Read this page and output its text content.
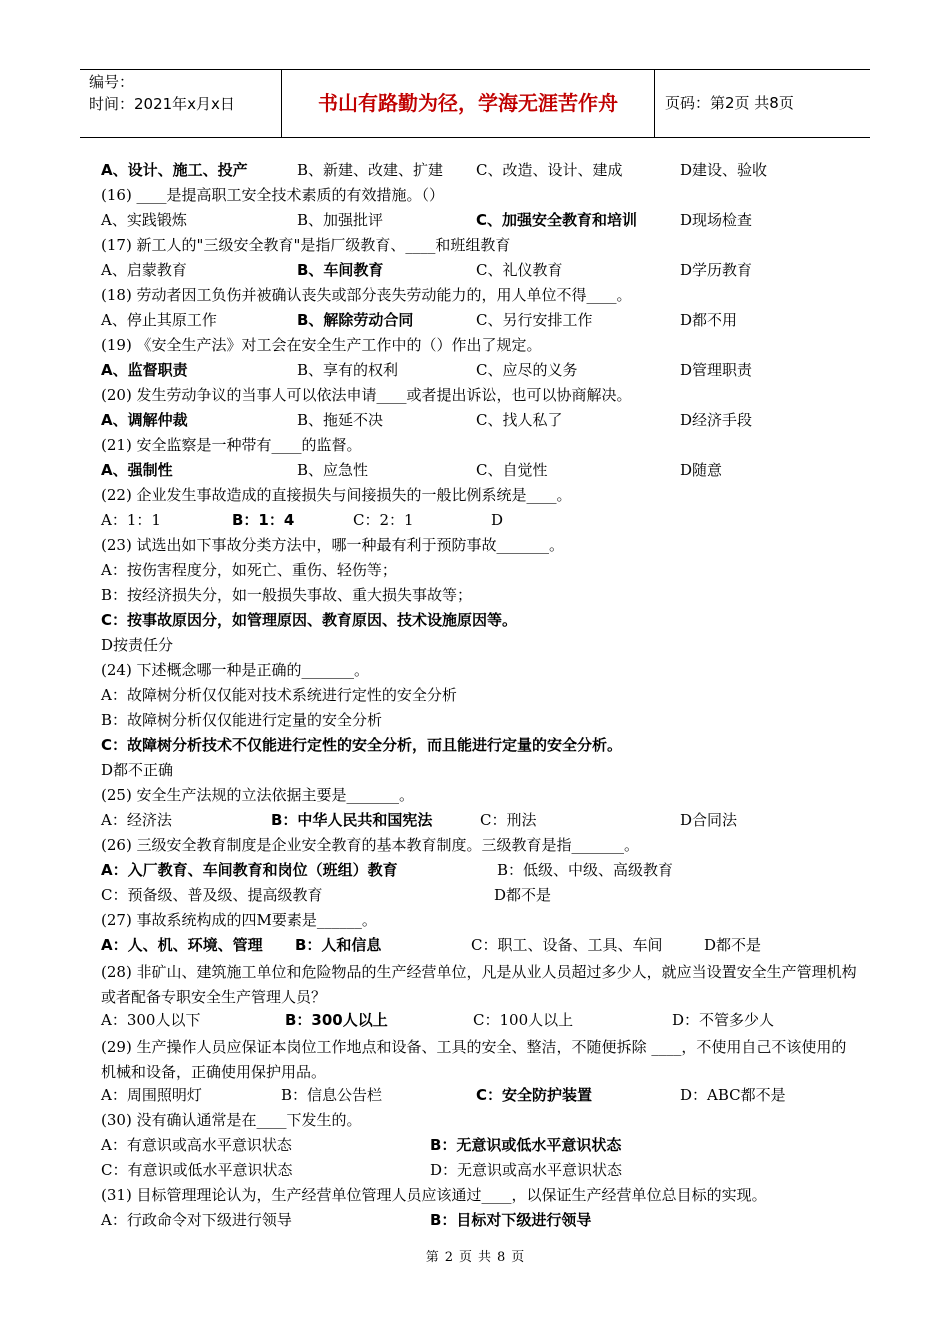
编号：
时间：2021年x月x日	书山有路勤为径，学海无涯苦作舟	页码：第2页 共8页
A、设计、施工、投产	B、新建、改建、扩建 C、改造、设计、建成	D建设、验收
(16) ____是提高职工安全技术素质的有效措施。（）
A、实践锻炼	B、加强批评	C、加强安全教育和培训	D现场检查
(17) 新工人的"三级安全教育"是指厂级教育、____和班组教育
A、启蒙教育	B、车间教育	C、礼仪教育	D学历教育
(18) 劳动者因工负伤并被确认丧失或部分丧失劳动能力的，用人单位不得____。
A、停止其原工作	B、解除劳动合同	C、另行安排工作	D都不用
(19) 《安全生产法》对工会在安全生产工作中的（）作出了规定。
A、监督职责	B、享有的权利	C、应尽的义务	D管理职责
(20) 发生劳动争议的当事人可以依法申请____或者提出诉讼，也可以协商解决。
A、调解仲裁	B、拖延不决	C、找人私了	D经济手段
(21) 安全监察是一种带有____的监督。
A、强制性	B、应急性	C、自觉性	D随意
(22) 企业发生事故造成的直接损失与间接损失的一般比例系统是____。
A：1：1	B：1：4	C：2：1	D
(23) 试选出如下事故分类方法中，哪一种最有利于预防事故_______。
A：按伤害程度分，如死亡、重伤、轻伤等；
B：按经济损失分，如一般损失事故、重大损失事故等；
C：按事故原因分，如管理原因、教育原因、技术设施原因等。
D按责任分
(24) 下述概念哪一种是正确的_______。
A：故障树分析仅仅能对技术系统进行定性的安全分析
B：故障树分析仅仅能进行定量的安全分析
C：故障树分析技术不仅能进行定性的安全分析，而且能进行定量的安全分析。
D都不正确
(25) 安全生产法规的立法依据主要是_______。
A：经济法	B：中华人民共和国宪法	C：刑法	D合同法
(26) 三级安全教育制度是企业安全教育的基本教育制度。三级教育是指_______。
A：入厂教育、车间教育和岗位（班组）教育	B：低级、中级、高级教育
C：预备级、普及级、提高级教育	D都不是
(27) 事故系统构成的四M要素是______。
A：人、机、环境、管理 B：人和信息	C：职工、设备、工具、车间	D都不是
(28) 非矿山、建筑施工单位和危险物品的生产经营单位，凡是从业人员超过多少人，就应当设置安全生产管理机构或者配备专职安全生产管理人员？
A：300人以下	B：300人以上	C：100人以上	D：不管多少人
(29) 生产操作人员应保证本岗位工作地点和设备、工具的安全、整洁，不随便拆除 ____，不使用自己不该使用的机械和设备，正确使用保护用品。
A：周围照明灯	B：信息公告栏	C：安全防护装置	D：ABC都不是
(30) 没有确认通常是在____下发生的。
A：有意识或高水平意识状态	B：无意识或低水平意识状态
C：有意识或低水平意识状态	D：无意识或高水平意识状态
(31) 目标管理理论认为，生产经营单位管理人员应该通过____，以保证生产经营单位总目标的实现。
A：行政命令对下级进行领导	B：目标对下级进行领导
第 2 页 共 8 页
